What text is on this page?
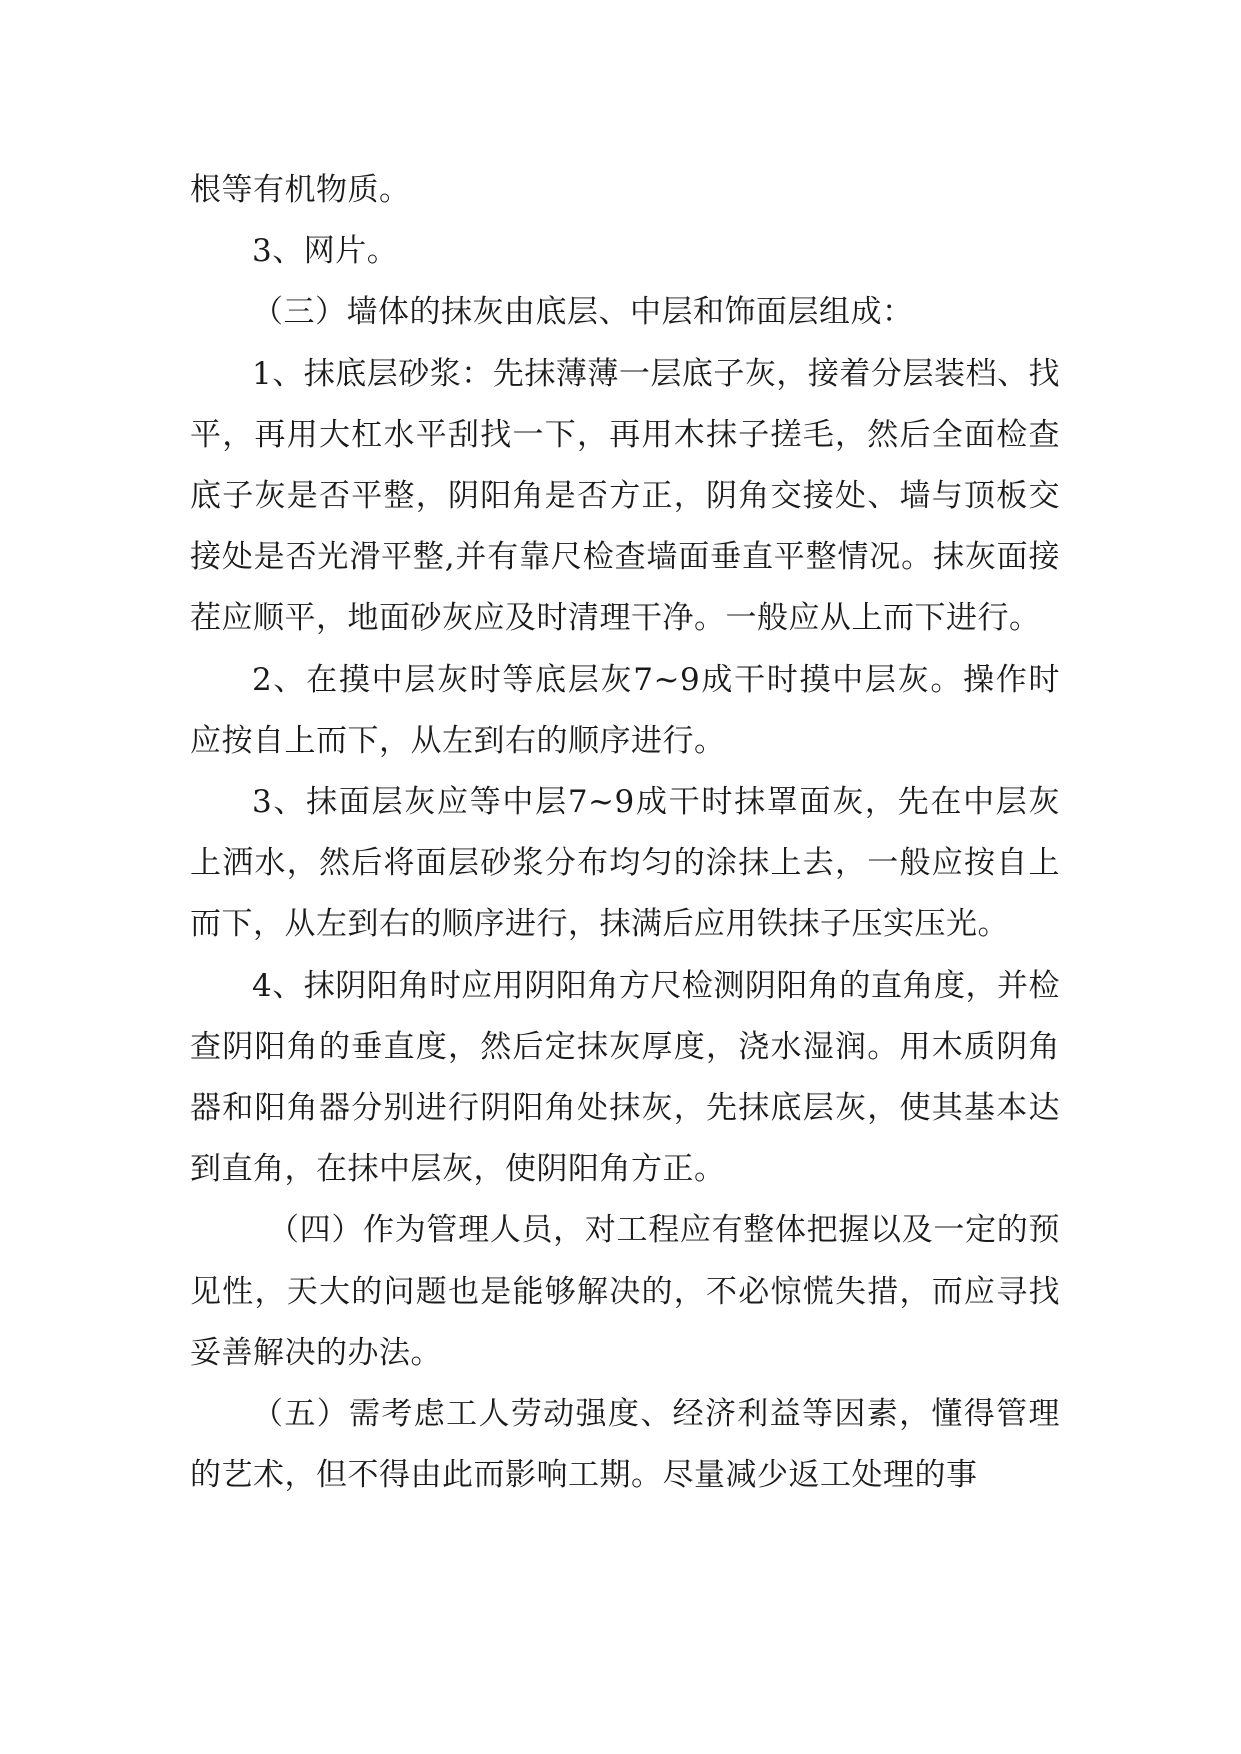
根等有机物质。

3、网片。

（三）墙体的抹灰由底层、中层和饰面层组成：

1、抹底层砂浆：先抹薄薄一层底子灰，接着分层装档、找平，再用大杠水平刮找一下，再用木抹子搓毛，然后全面检查底子灰是否平整，阴阳角是否方正，阴角交接处、墙与顶板交接处是否光滑平整,并有靠尺检查墙面垂直平整情况。抹灰面接茬应顺平，地面砂灰应及时清理干净。一般应从上而下进行。

2、在摸中层灰时等底层灰7~9成干时摸中层灰。操作时应按自上而下，从左到右的顺序进行。

3、抹面层灰应等中层7~9成干时抹罩面灰，先在中层灰上洒水，然后将面层砂浆分布均匀的涂抹上去，一般应按自上而下，从左到右的顺序进行，抹满后应用铁抹子压实压光。

4、抹阴阳角时应用阴阳角方尺检测阴阳角的直角度，并检查阴阳角的垂直度，然后定抹灰厚度，浇水湿润。用木质阴角器和阳角器分别进行阴阳角处抹灰，先抹底层灰，使其基本达到直角，在抹中层灰，使阴阳角方正。

（四）作为管理人员，对工程应有整体把握以及一定的预见性，天大的问题也是能够解决的，不必惊慌失措，而应寻找妥善解决的办法。

（五）需考虑工人劳动强度、经济利益等因素，懂得管理的艺术，但不得由此而影响工期。尽量减少返工处理的事
